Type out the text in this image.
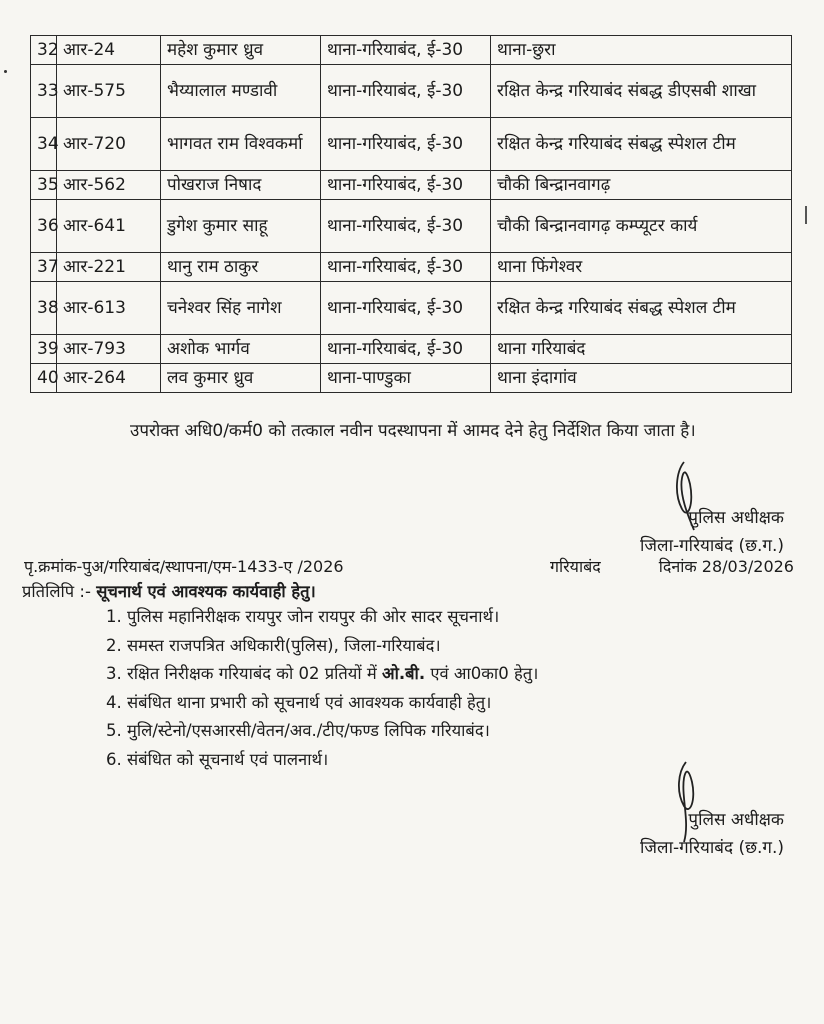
32	आर-24	महेश कुमार ध्रुव	थाना-गरियाबंद, ई-30	थाना-छुरा
33	आर-575	भैय्यालाल मण्डावी	थाना-गरियाबंद, ई-30	रक्षित केन्द्र गरियाबंद संबद्ध डीएसबी शाखा
34	आर-720	भागवत राम विश्वकर्मा	थाना-गरियाबंद, ई-30	रक्षित केन्द्र गरियाबंद संबद्ध स्पेशल टीम
35	आर-562	पोखराज निषाद	थाना-गरियाबंद, ई-30	चौकी बिन्द्रानवागढ़
36	आर-641	डुगेश कुमार साहू	थाना-गरियाबंद, ई-30	चौकी बिन्द्रानवागढ़ कम्प्यूटर कार्य
37	आर-221	थानु राम ठाकुर	थाना-गरियाबंद, ई-30	थाना फिंगेश्वर
38	आर-613	चनेश्वर सिंह नागेश	थाना-गरियाबंद, ई-30	रक्षित केन्द्र गरियाबंद संबद्ध स्पेशल टीम
39	आर-793	अशोक भार्गव	थाना-गरियाबंद, ई-30	थाना गरियाबंद
40	आर-264	लव कुमार ध्रुव	थाना-पाण्डुका	थाना इंदागांव
उपरोक्त अधि0/कर्म0 को तत्काल नवीन पदस्थापना में आमद देने हेतु निर्देशित किया जाता है।
पुलिस अधीक्षक
जिला-गरियाबंद (छ.ग.)
पृ.क्रमांक-पुअ/गरियाबंद/स्थापना/एम-1433-ए /2026	गरियाबंद	दिनांक 28/03/2026
प्रतिलिपि :- सूचनार्थ एवं आवश्यक कार्यवाही हेतु।
1. पुलिस महानिरीक्षक रायपुर जोन रायपुर की ओर सादर सूचनार्थ।
2. समस्त राजपत्रित अधिकारी(पुलिस), जिला-गरियाबंद।
3. रक्षित निरीक्षक गरियाबंद को 02 प्रतियों में ओ.बी. एवं आ0का0 हेतु।
4. संबंधित थाना प्रभारी को सूचनार्थ एवं आवश्यक कार्यवाही हेतु।
5. मुलि/स्टेनो/एसआरसी/वेतन/अव./टीए/फण्ड लिपिक गरियाबंद।
6. संबंधित को सूचनार्थ एवं पालनार्थ।
पुलिस अधीक्षक
जिला-गरियाबंद (छ.ग.)
